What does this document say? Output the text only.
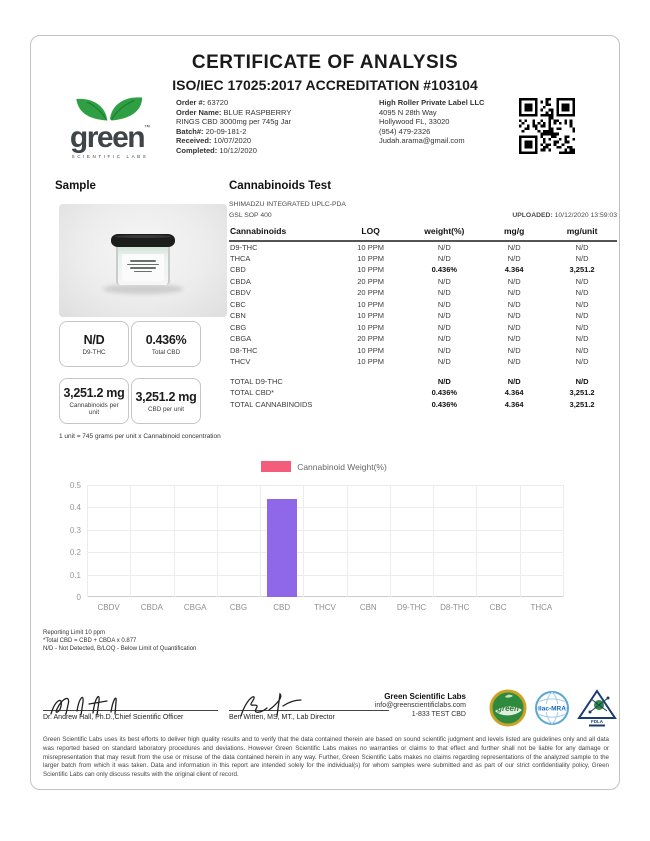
CERTIFICATE OF ANALYSIS
ISO/IEC 17025:2017 ACCREDITATION #103104
green™
SCIENTIFIC LABS
Order #: 63720
Order Name: BLUE RASPBERRY RINGS CBD 3000mg per 745g Jar
Batch#: 20-09-181-2
Received: 10/07/2020
Completed: 10/12/2020
High Roller Private Label LLC
4095 N 28th Way
Hollywood FL, 33020
(954) 479-2326
Judah.arama@gmail.com
Sample	Cannabinoids Test
SHIMADZU INTEGRATED UPLC-PDA
GSL SOP 400	UPLOADED: 10/12/2020 13:59:03
Cannabinoids	LOQ	weight(%)	mg/g	mg/unit
D9-THC	10 PPM	N/D	N/D	N/D
THCA	10 PPM	N/D	N/D	N/D
CBD	10 PPM	0.436%	4.364	3,251.2
CBDA	20 PPM	N/D	N/D	N/D
CBDV	20 PPM	N/D	N/D	N/D
CBC	10 PPM	N/D	N/D	N/D
CBN	10 PPM	N/D	N/D	N/D
CBG	10 PPM	N/D	N/D	N/D
CBGA	20 PPM	N/D	N/D	N/D
D8-THC	10 PPM	N/D	N/D	N/D
THCV	10 PPM	N/D	N/D	N/D

TOTAL D9-THC		N/D	N/D	N/D
TOTAL CBD*		0.436%	4.364	3,251.2
TOTAL CANNABINOIDS		0.436%	4.364	3,251.2
N/D
D9-THC
0.436%
Total CBD
3,251.2 mg
Cannabinoids per unit
3,251.2 mg
CBD per unit
1 unit = 745 grams per unit x Cannabinoid concentration
Cannabinoid Weight(%)
0
0.1
0.2
0.3
0.4
0.5
CBDV	CBDA	CBGA	CBG	CBD	THCV	CBN	D9-THC	D8-THC	CBC	THCA
Reporting Limit 10 ppm
*Total CBD = CBD + CBDA x 0.877
N/D - Not Detected, B/LOQ - Below Limit of Quantification
Dr. Andrew Hall, Ph.D.,Chief Scientific Officer	Ben Witten, MS, MT., Lab Director
Green Scientific Labs
info@greenscientificlabs.com
1-833 TEST CBD
green	ilac-MRA
FDLA
Green Scientific Labs uses its best efforts to deliver high quality results and to verify that the data contained therein are based on sound scientific judgment and levels listed are guidelines only and all data was reported based on standard laboratory procedures and deviations. However Green Scientific Labs makes no warranties or claims to that effect and further shall not be liable for any damage or misrepresentation that may result from the use or misuse of the data contained herein in any way. Further, Green Scientific Labs makes no claims regarding representations of the analyzed sample to the larger batch from which it was taken. Data and information in this report are intended solely for the individual(s) for whom samples were submitted and as part of our strict confidentiality policy, Green Scientific Labs can only discuss results with the original client of record.
